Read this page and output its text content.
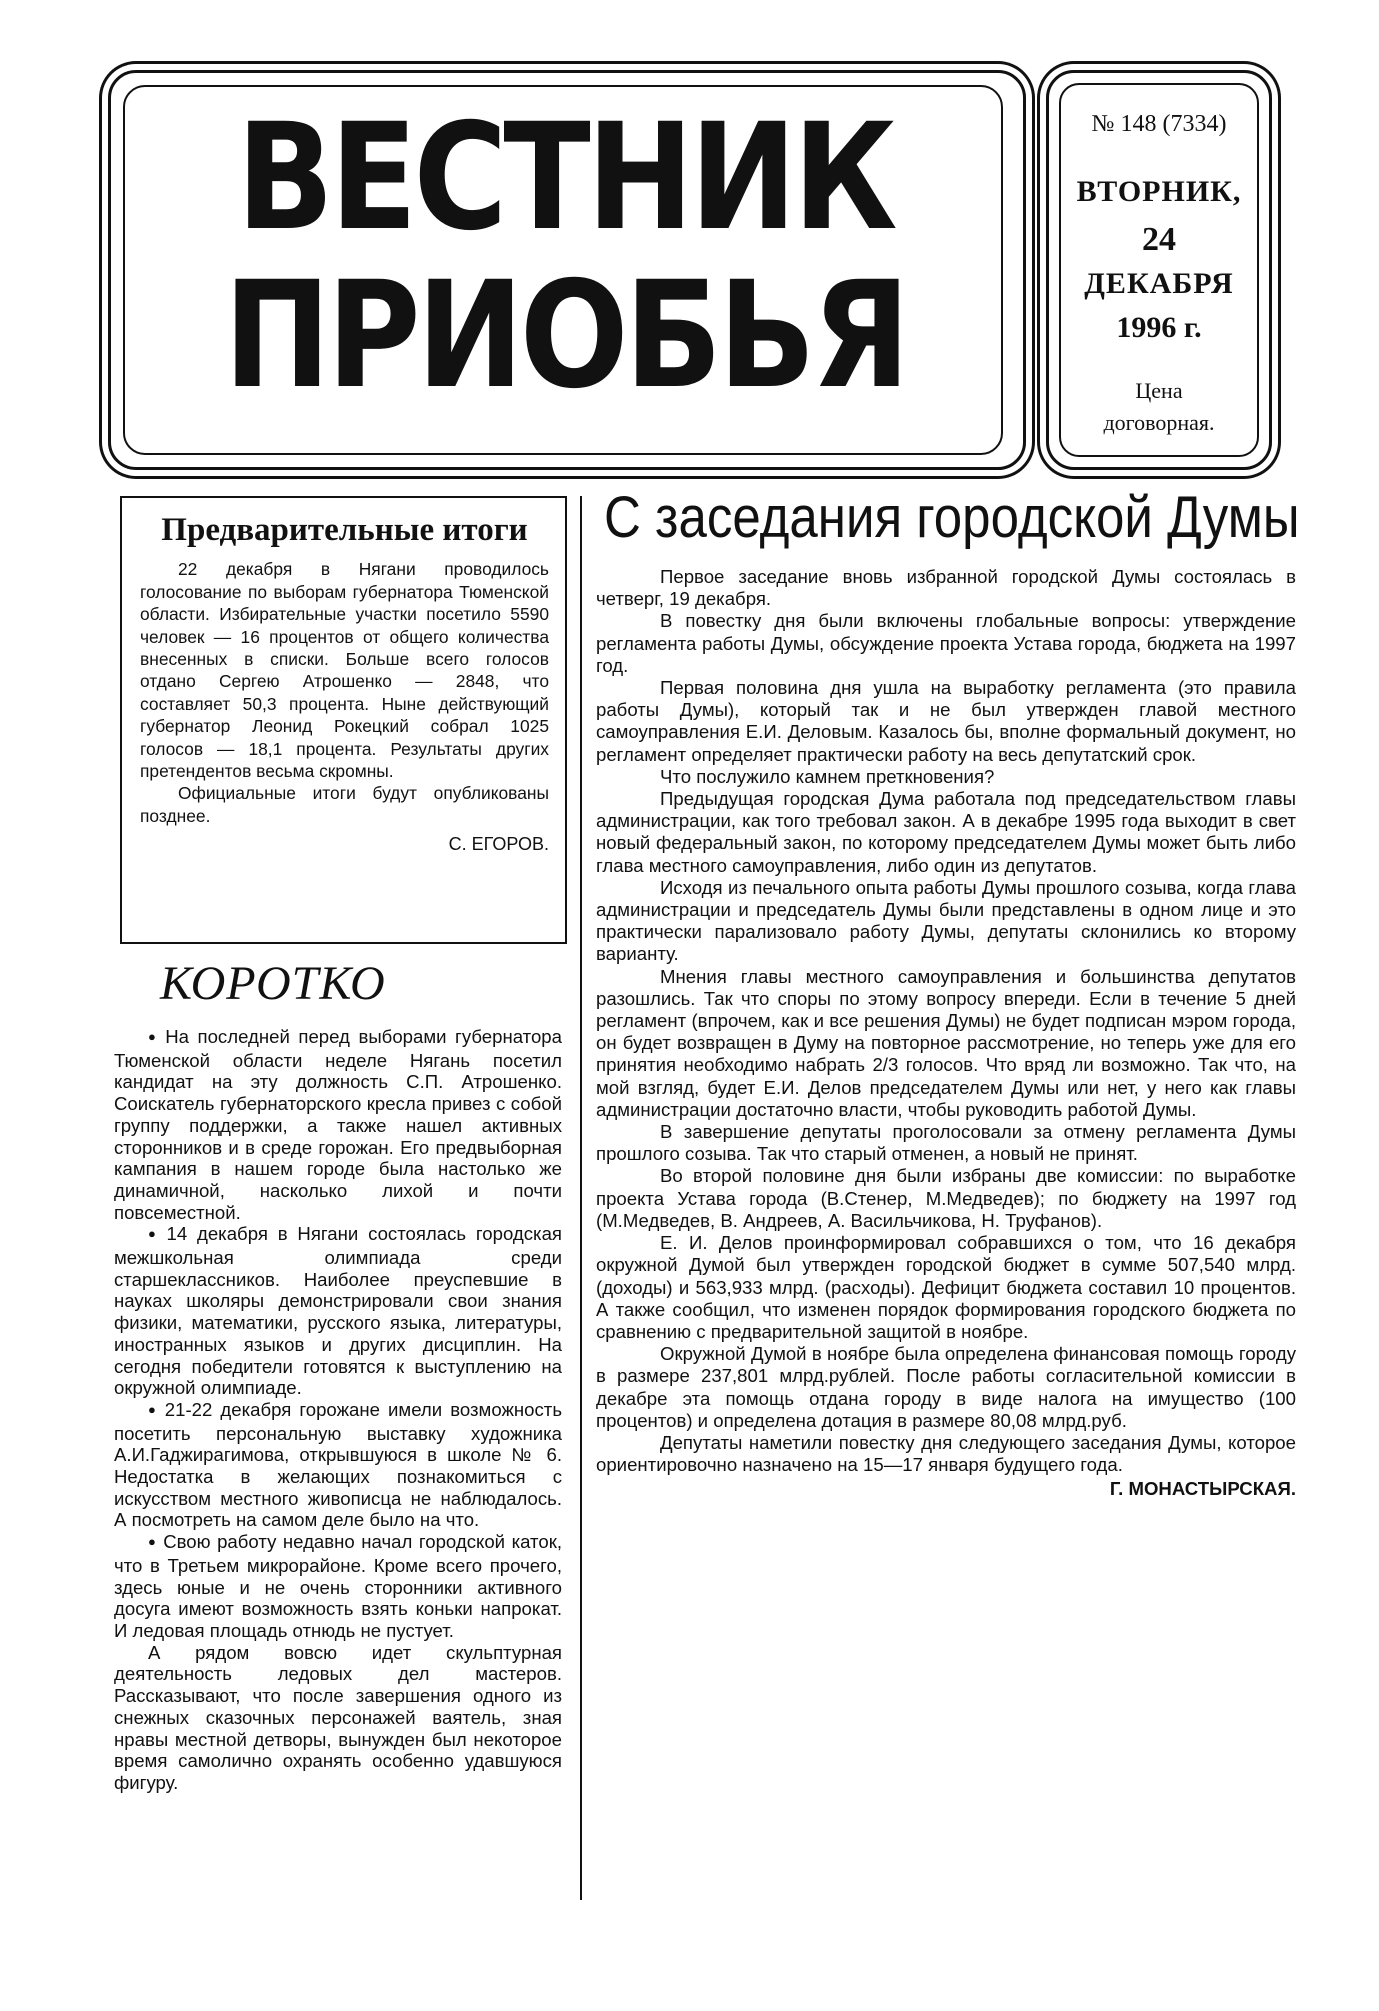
ВЕСТНИК
ПРИОБЬЯ
№ 148 (7334)
ВТОРНИК,
24
ДЕКАБРЯ
1996 г.
Цена
договорная.
Предварительные итоги

22 декабря в Нягани проводилось голосование по выборам губернатора Тюменской области. Избирательные участки посетило 5590 человек — 16 процентов от общего количества внесенных в списки. Больше всего голосов отдано Сергею Атрошенко — 2848, что составляет 50,3 процента. Ныне действующий губернатор Леонид Рокецкий собрал 1025 голосов — 18,1 процента. Результаты других претендентов весьма скромны.

Официальные итоги будут опубликованы позднее.

С. ЕГОРОВ.
КОРОТКО

● На последней перед выборами губернатора Тюменской области неделе Нягань посетил кандидат на эту должность С.П. Атрошенко. Соискатель губернаторского кресла привез с собой группу поддержки, а также нашел активных сторонников и в среде горожан. Его предвыборная кампания в нашем городе была настолько же динамичной, насколько лихой и почти повсеместной.

● 14 декабря в Нягани состоялась городская межшкольная олимпиада среди старшеклассников. Наиболее преуспевшие в науках школяры демонстрировали свои знания физики, математики, русского языка, литературы, иностранных языков и других дисциплин. На сегодня победители готовятся к выступлению на окружной олимпиаде.

● 21-22 декабря горожане имели возможность посетить персональную выставку художника А.И.Гаджирагимова, открывшуюся в школе № 6. Недостатка в желающих познакомиться с искусством местного живописца не наблюдалось. А посмотреть на самом деле было на что.

● Свою работу недавно начал городской каток, что в Третьем микрорайоне. Кроме всего прочего, здесь юные и не очень сторонники активного досуга имеют возможность взять коньки напрокат. И ледовая площадь отнюдь не пустует.

А рядом вовсю идет скульптурная деятельность ледовых дел мастеров. Рассказывают, что после завершения одного из снежных сказочных персонажей ваятель, зная нравы местной детворы, вынужден был некоторое время самолично охранять особенно удавшуюся фигуру.

С заседания городской Думы

Первое заседание вновь избранной городской Думы состоялась в четверг, 19 декабря.

В повестку дня были включены глобальные вопросы: утверждение регламента работы Думы, обсуждение проекта Устава города, бюджета на 1997 год.

Первая половина дня ушла на выработку регламента (это правила работы Думы), который так и не был утвержден главой местного самоуправления Е.И. Деловым. Казалось бы, вполне формальный документ, но регламент определяет практически работу на весь депутатский срок.

Что послужило камнем преткновения?

Предыдущая городская Дума работала под председательством главы администрации, как того требовал закон. А в декабре 1995 года выходит в свет новый федеральный закон, по которому председателем Думы может быть либо глава местного самоуправления, либо один из депутатов.

Исходя из печального опыта работы Думы прошлого созыва, когда глава администрации и председатель Думы были представлены в одном лице и это практически парализовало работу Думы, депутаты склонились ко второму варианту.

Мнения главы местного самоуправления и большинства депутатов разошлись. Так что споры по этому вопросу впереди. Если в течение 5 дней регламент (впрочем, как и все решения Думы) не будет подписан мэром города, он будет возвращен в Думу на повторное рассмотрение, но теперь уже для его принятия необходимо набрать 2/3 голосов. Что вряд ли возможно. Так что, на мой взгляд, будет Е.И. Делов председателем Думы или нет, у него как главы администрации достаточно власти, чтобы руководить работой Думы.

В завершение депутаты проголосовали за отмену регламента Думы прошлого созыва. Так что старый отменен, а новый не принят.

Во второй половине дня были избраны две комиссии: по выработке проекта Устава города (В.Стенер, М.Медведев); по бюджету на 1997 год (М.Медведев, В. Андреев, А. Васильчикова, Н. Труфанов).

Е. И. Делов проинформировал собравшихся о том, что 16 декабря окружной Думой был утвержден городской бюджет в сумме 507,540 млрд. (доходы) и 563,933 млрд. (расходы). Дефицит бюджета составил 10 процентов. А также сообщил, что изменен порядок формирования городского бюджета по сравнению с предварительной защитой в ноябре.

Окружной Думой в ноябре была определена финансовая помощь городу в размере 237,801 млрд.рублей. После работы согласительной комиссии в декабре эта помощь отдана городу в виде налога на имущество (100 процентов) и определена дотация в размере 80,08 млрд.руб.

Депутаты наметили повестку дня следующего заседания Думы, которое ориентировочно назначено на 15—17 января будущего года.

Г. МОНАСТЫРСКАЯ.
